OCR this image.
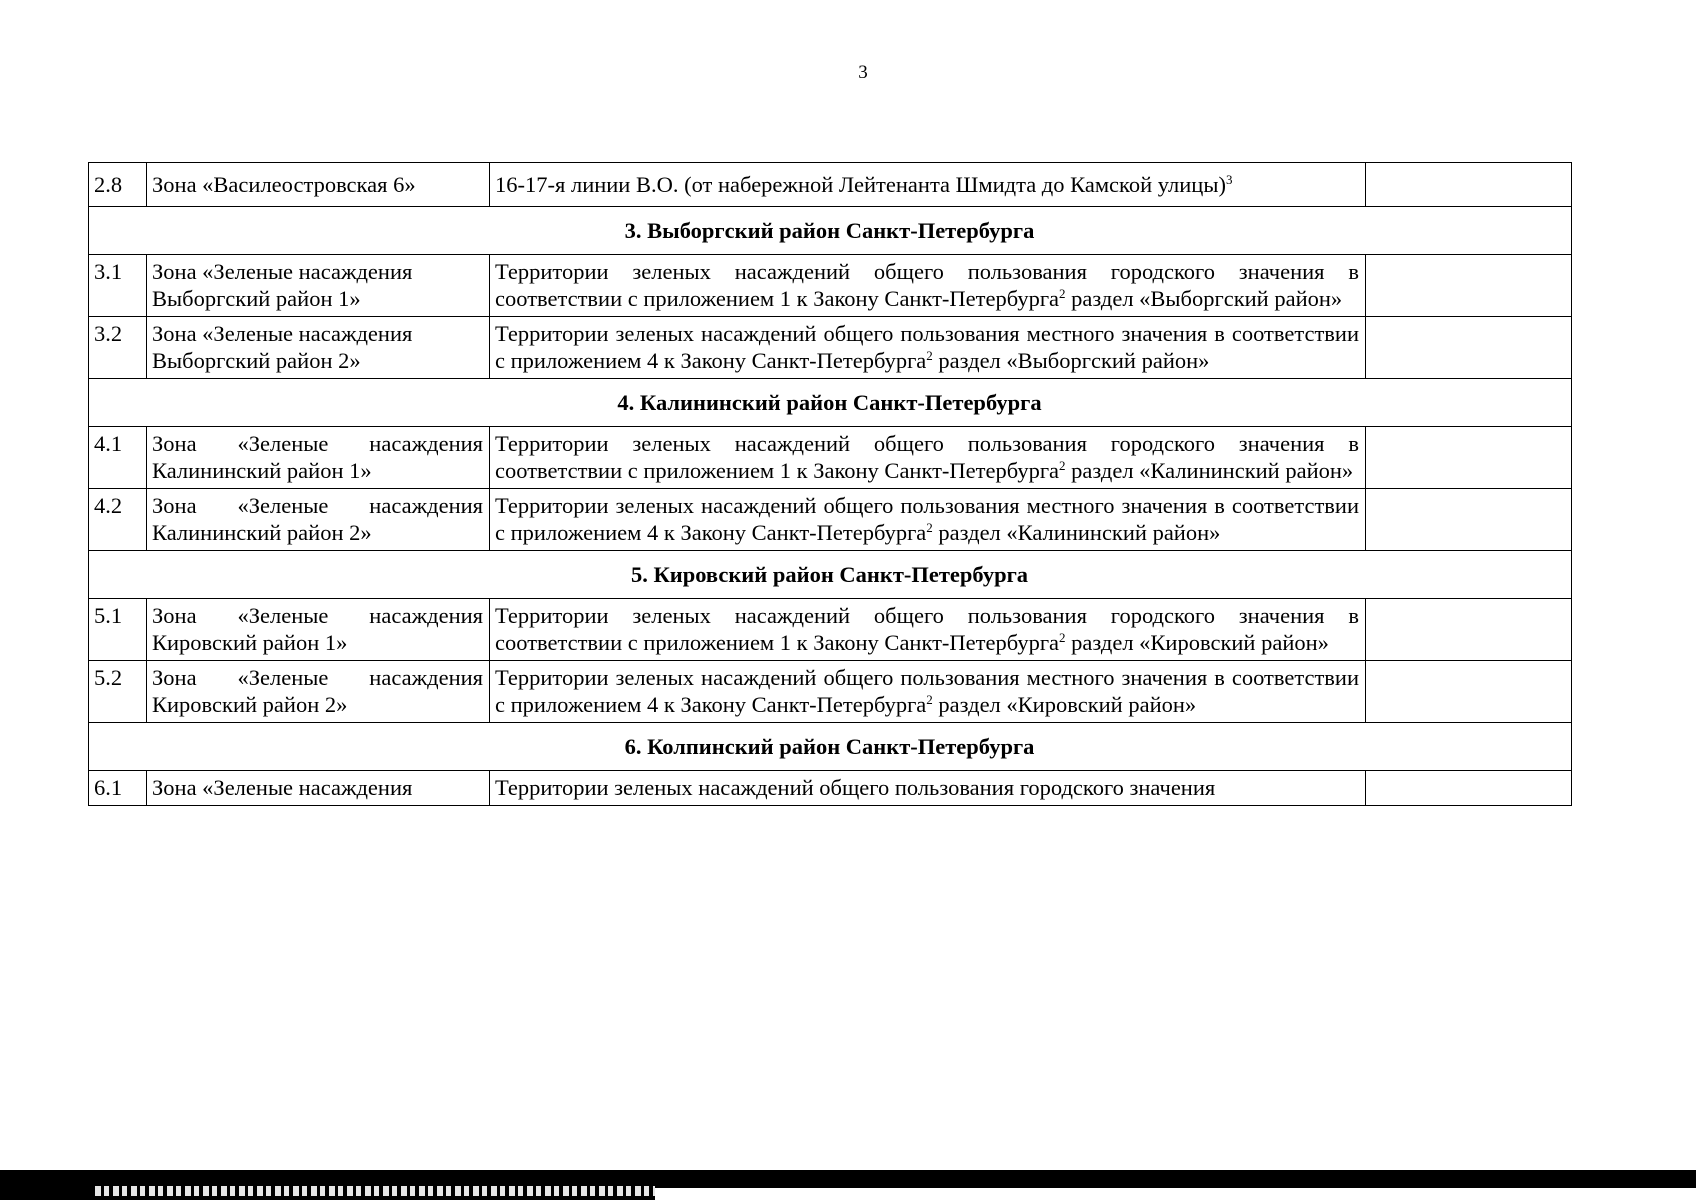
3
2.8	Зона «Василеостровская 6»	16-17-я линии В.О. (от набережной Лейтенанта Шмидта до Камской улицы)$^3$	
3. Выборгский район Санкт-Петербурга			
3.1	Зона «Зеленые насаждения Выборгский район 1»	Территории зеленых насаждений общего пользования городского значения в соответствии с приложением 1 к Закону Санкт-Петербурга$^2$ раздел «Выборгский район»	
3.2	Зона «Зеленые насаждения Выборгский район 2»	Территории зеленых насаждений общего пользования местного значения в соответствии с приложением 4 к Закону Санкт-Петербурга$^2$ раздел «Выборгский район»	
4. Калининский район Санкт-Петербурга			
4.1	Зона «Зеленые насаждения Калининский район 1»	Территории зеленых насаждений общего пользования городского значения в соответствии с приложением 1 к Закону Санкт-Петербурга$^2$ раздел «Калининский район»	
4.2	Зона «Зеленые насаждения Калининский район 2»	Территории зеленых насаждений общего пользования местного значения в соответствии с приложением 4 к Закону Санкт-Петербурга$^2$ раздел «Калининский район»	
5. Кировский район Санкт-Петербурга			
5.1	Зона «Зеленые насаждения Кировский район 1»	Территории зеленых насаждений общего пользования городского значения в соответствии с приложением 1 к Закону Санкт-Петербурга$^2$ раздел «Кировский район»	
5.2	Зона «Зеленые насаждения Кировский район 2»	Территории зеленых насаждений общего пользования местного значения в соответствии с приложением 4 к Закону Санкт-Петербурга$^2$ раздел «Кировский район»	
6. Колпинский район Санкт-Петербурга			
6.1	Зона «Зеленые насаждения	Территории зеленых насаждений общего пользования городского значения	
